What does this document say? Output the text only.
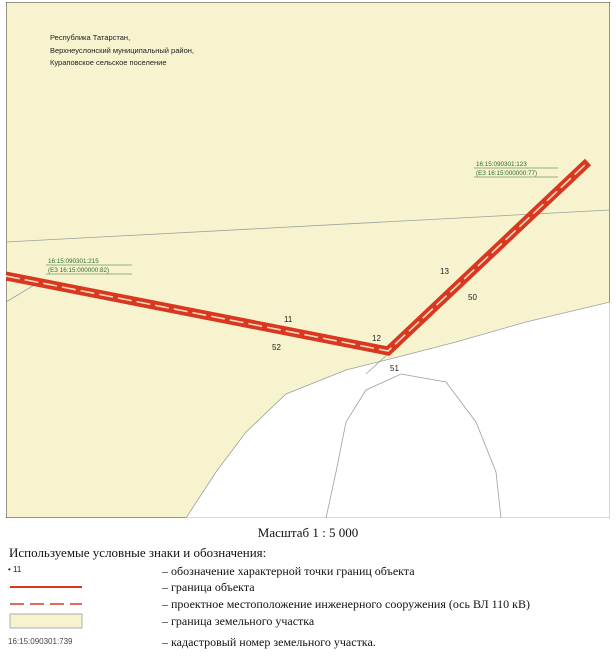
11
52
12
51
13
50
16:15:090301:215
(ЕЗ 16:15:000000:82)
16:15:090301:123
(ЕЗ 16:15:000000:77)
Республика Татарстан,
Верхнеуслонский муниципальный район,
Кураповское сельское поселение
Масштаб 1 : 5 000
Используемые условные знаки и обозначения:
• 11	– обозначение характерной точки границ объекта
– граница объекта
– проектное местоположение инженерного сооружения (ось ВЛ 110 кВ)
– граница земельного участка
16:15:090301:739	– кадастровый номер земельного участка.
